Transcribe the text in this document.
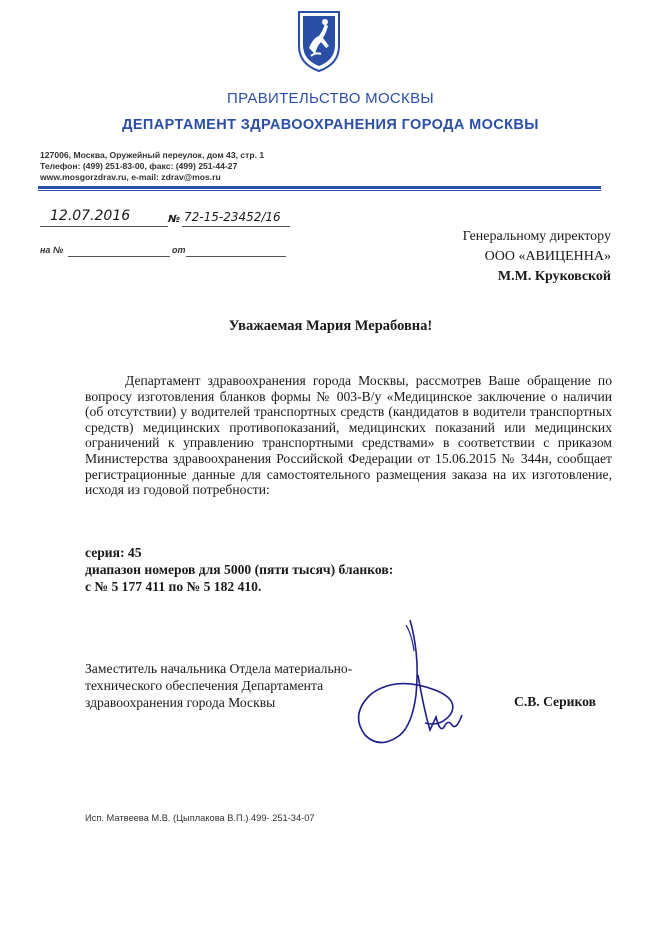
ПРАВИТЕЛЬСТВО МОСКВЫ
ДЕПАРТАМЕНТ ЗДРАВООХРАНЕНИЯ ГОРОДА МОСКВЫ
127006, Москва, Оружейный переулок, дом 43, стр. 1
Телефон: (499) 251-83-00, факс: (499) 251-44-27
www.mosgorzdrav.ru, e-mail: zdrav@mos.ru
12.07.2016	№ 72-15-23452/16
на №	от
Генеральному директору
ООО «АВИЦЕННА»
М.М. Круковской
Уважаемая Мария Мерабовна!

Департамент здравоохранения города Москвы, рассмотрев Ваше обращение по вопросу изготовления бланков формы № 003-В/у «Медицинское заключение о наличии (об отсутствии) у водителей транспортных средств (кандидатов в водители транспортных средств) медицинских противопоказаний, медицинских показаний или медицинских ограничений к управлению транспортными средствами» в соответствии с приказом Министерства здравоохранения Российской Федерации от 15.06.2015 № 344н, сообщает регистрационные данные для самостоятельного размещения заказа на их изготовление, исходя из годовой потребности:

серия: 45
диапазон номеров для 5000 (пяти тысяч) бланков:
с № 5 177 411 по № 5 182 410.
Заместитель начальника Отдела материально-
технического обеспечения Департамента
здравоохранения города Москвы	С.В. Сериков
Исп. Матвеева М.В. (Цыплакова В.П.) 499- 251-34-07
